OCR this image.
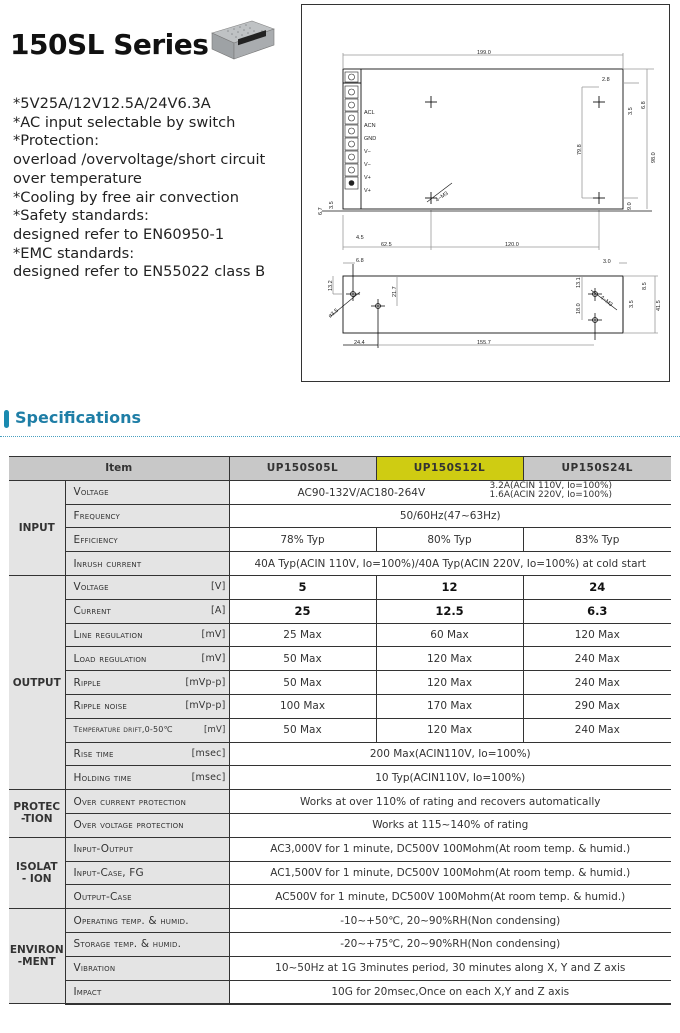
150SL Series
*5V25A/12V12.5A/24V6.3A
*AC input selectable by switch
*Protection:
overload /overvoltage/short circuit
over temperature
*Cooling by free air convection
*Safety standards:
designed refer to EN60950-1
*EMC standards:
designed refer to EN55022 class B
ACL
ACN
GND
V−
V−
V+
V+
199.0
2.8
3.5
6.8
79.8
98.0
9.0
6.7
3.5
4.5
62.5	120.0
4−M3
6.8
13.2
ø3.5
21.7
24.4	155.7
3.0
13.1
18.0
4−M3
8.5
3.5	41.5
Specifications
Item		UP150S05L	UP150S12L	UP150S24L
INPUT	Voltage	AC90-132V/AC180-264V
3.2A(ACIN 110V, Io=100%)
1.6A(ACIN 220V, Io=100%)		

	Frequency	50/60Hz(47~63Hz)		

	Efficiency	78% Typ	80% Typ	83% Typ

	Inrush current	40A Typ(ACIN 110V, Io=100%)/40A Typ(ACIN 220V, Io=100%) at cold start		
OUTPUT	Voltage [V]	5	12	24

	Current [A]	25	12.5	6.3

	Line regulation [mV]	25 Max	60 Max	120 Max

	Load regulation [mV]	50 Max	120 Max	240 Max

	Ripple [mVp-p]	50 Max	120 Max	240 Max

	Ripple noise [mVp-p]	100 Max	170 Max	290 Max

	Temperature drift,0-50℃ [mV]	50 Max	120 Max	240 Max

	Rise time [msec]	200 Max(ACIN110V, Io=100%)		

	Holding time [msec]	10 Typ(ACIN110V, Io=100%)		

PROTEC
-TION	Over current protection	Works at over 110% of rating and recovers automatically		

	Over voltage protection	Works at 115~140% of rating		

ISOLAT
- ION	Input-Output	AC3,000V for 1 minute, DC500V 100Mohm(At room temp. & humid.)		

	Input-Case, FG	AC1,500V for 1 minute, DC500V 100Mohm(At room temp. & humid.)		

	Output-Case	AC500V for 1 minute, DC500V 100Mohm(At room temp. & humid.)		

ENVIRON
-MENT	Operating temp. & humid.	-10~+50℃, 20~90%RH(Non condensing)		

	Storage temp. & humid.	-20~+75℃, 20~90%RH(Non condensing)		

	Vibration	10~50Hz at 1G 3minutes period, 30 minutes along X, Y and Z axis		

	Impact	10G for 20msec,Once on each X,Y and Z axis		
